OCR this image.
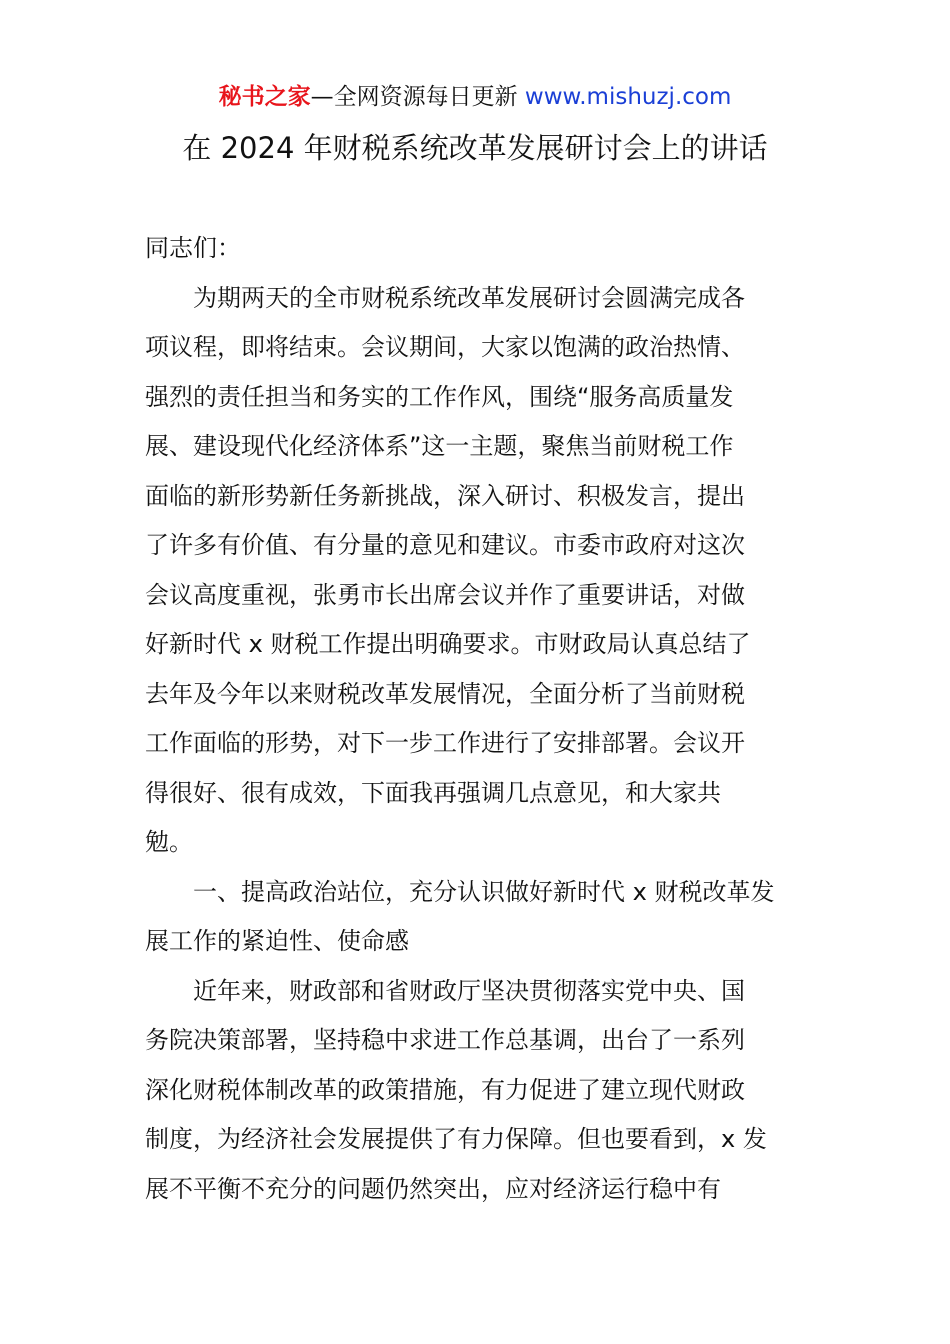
秘书之家—全网资源每日更新 www.mishuzj.com
在 2024 年财税系统改革发展研讨会上的讲话
同志们：
为期两天的全市财税系统改革发展研讨会圆满完成各
项议程，即将结束。会议期间，大家以饱满的政治热情、
强烈的责任担当和务实的工作作风，围绕“服务高质量发
展、建设现代化经济体系”这一主题，聚焦当前财税工作
面临的新形势新任务新挑战，深入研讨、积极发言，提出
了许多有价值、有分量的意见和建议。市委市政府对这次
会议高度重视，张勇市长出席会议并作了重要讲话，对做
好新时代 x 财税工作提出明确要求。市财政局认真总结了
去年及今年以来财税改革发展情况，全面分析了当前财税
工作面临的形势，对下一步工作进行了安排部署。会议开
得很好、很有成效，下面我再强调几点意见，和大家共
勉。
一、提高政治站位，充分认识做好新时代 x 财税改革发
展工作的紧迫性、使命感
近年来，财政部和省财政厅坚决贯彻落实党中央、国
务院决策部署，坚持稳中求进工作总基调，出台了一系列
深化财税体制改革的政策措施，有力促进了建立现代财政
制度，为经济社会发展提供了有力保障。但也要看到，x 发
展不平衡不充分的问题仍然突出，应对经济运行稳中有
